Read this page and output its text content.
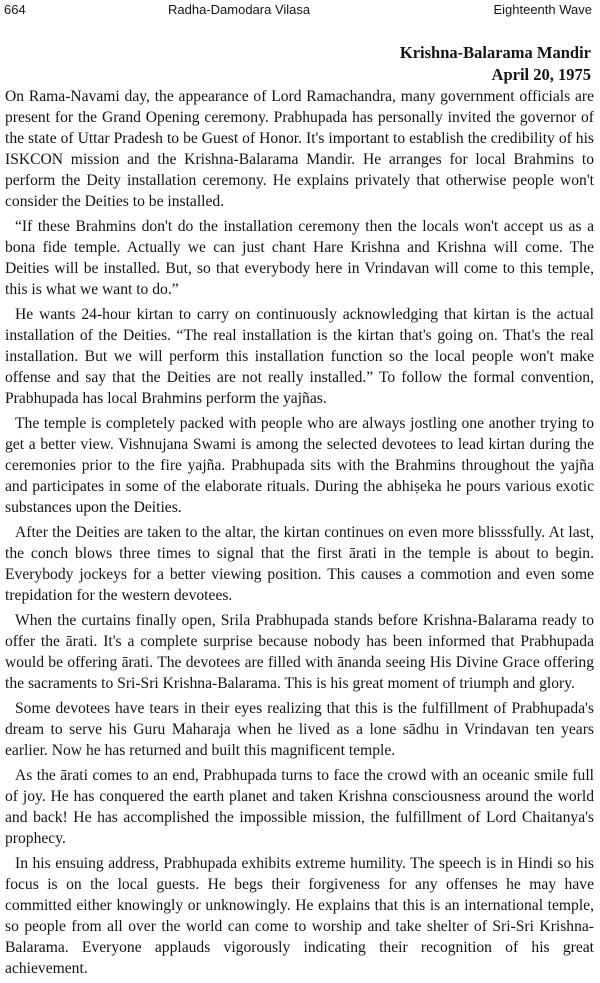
664	Radha-Damodara Vilasa	Eighteenth Wave
Krishna-Balarama Mandir
April 20, 1975

On Rama-Navami day, the appearance of Lord Ramachandra, many government officials are present for the Grand Opening ceremony. Prabhupada has personally invited the governor of the state of Uttar Pradesh to be Guest of Honor. It's important to establish the credibility of his ISKCON mission and the Krishna-Balarama Mandir. He arranges for local Brahmins to perform the Deity installation ceremony. He explains privately that otherwise people won't consider the Deities to be installed.

“If these Brahmins don't do the installation ceremony then the locals won't accept us as a bona fide temple. Actually we can just chant Hare Krishna and Krishna will come. The Deities will be installed. But, so that everybody here in Vrindavan will come to this temple, this is what we want to do.”

He wants 24-hour kirtan to carry on continuously acknowledging that kirtan is the actual installation of the Deities. “The real installation is the kirtan that's going on. That's the real installation. But we will perform this installation function so the local people won't make offense and say that the Deities are not really installed.” To follow the formal convention, Prabhupada has local Brahmins perform the yajñas.

The temple is completely packed with people who are always jostling one another trying to get a better view. Vishnujana Swami is among the selected devotees to lead kirtan during the ceremonies prior to the fire yajña. Prabhupada sits with the Brahmins throughout the yajña and participates in some of the elaborate rituals. During the abhiṣeka he pours various exotic substances upon the Deities.

After the Deities are taken to the altar, the kirtan continues on even more blisssfully. At last, the conch blows three times to signal that the first ārati in the temple is about to begin. Everybody jockeys for a better viewing position. This causes a commotion and even some trepidation for the western devotees.

When the curtains finally open, Srila Prabhupada stands before Krishna-Balarama ready to offer the ārati. It's a complete surprise because nobody has been informed that Prabhupada would be offering ārati. The devotees are filled with ānanda seeing His Divine Grace offering the sacraments to Sri-Sri Krishna-Balarama. This is his great moment of triumph and glory.

Some devotees have tears in their eyes realizing that this is the fulfillment of Prabhupada's dream to serve his Guru Maharaja when he lived as a lone sādhu in Vrindavan ten years earlier. Now he has returned and built this magnificent temple.

As the ārati comes to an end, Prabhupada turns to face the crowd with an oceanic smile full of joy. He has conquered the earth planet and taken Krishna consciousness around the world and back! He has accomplished the impossible mission, the fulfillment of Lord Chaitanya's prophecy.

In his ensuing address, Prabhupada exhibits extreme humility. The speech is in Hindi so his focus is on the local guests. He begs their forgiveness for any offenses he may have committed either knowingly or unknowingly. He explains that this is an international temple, so people from all over the world can come to worship and take shelter of Sri-Sri Krishna-Balarama. Everyone applauds vigorously indicating their recognition of his great achievement.
